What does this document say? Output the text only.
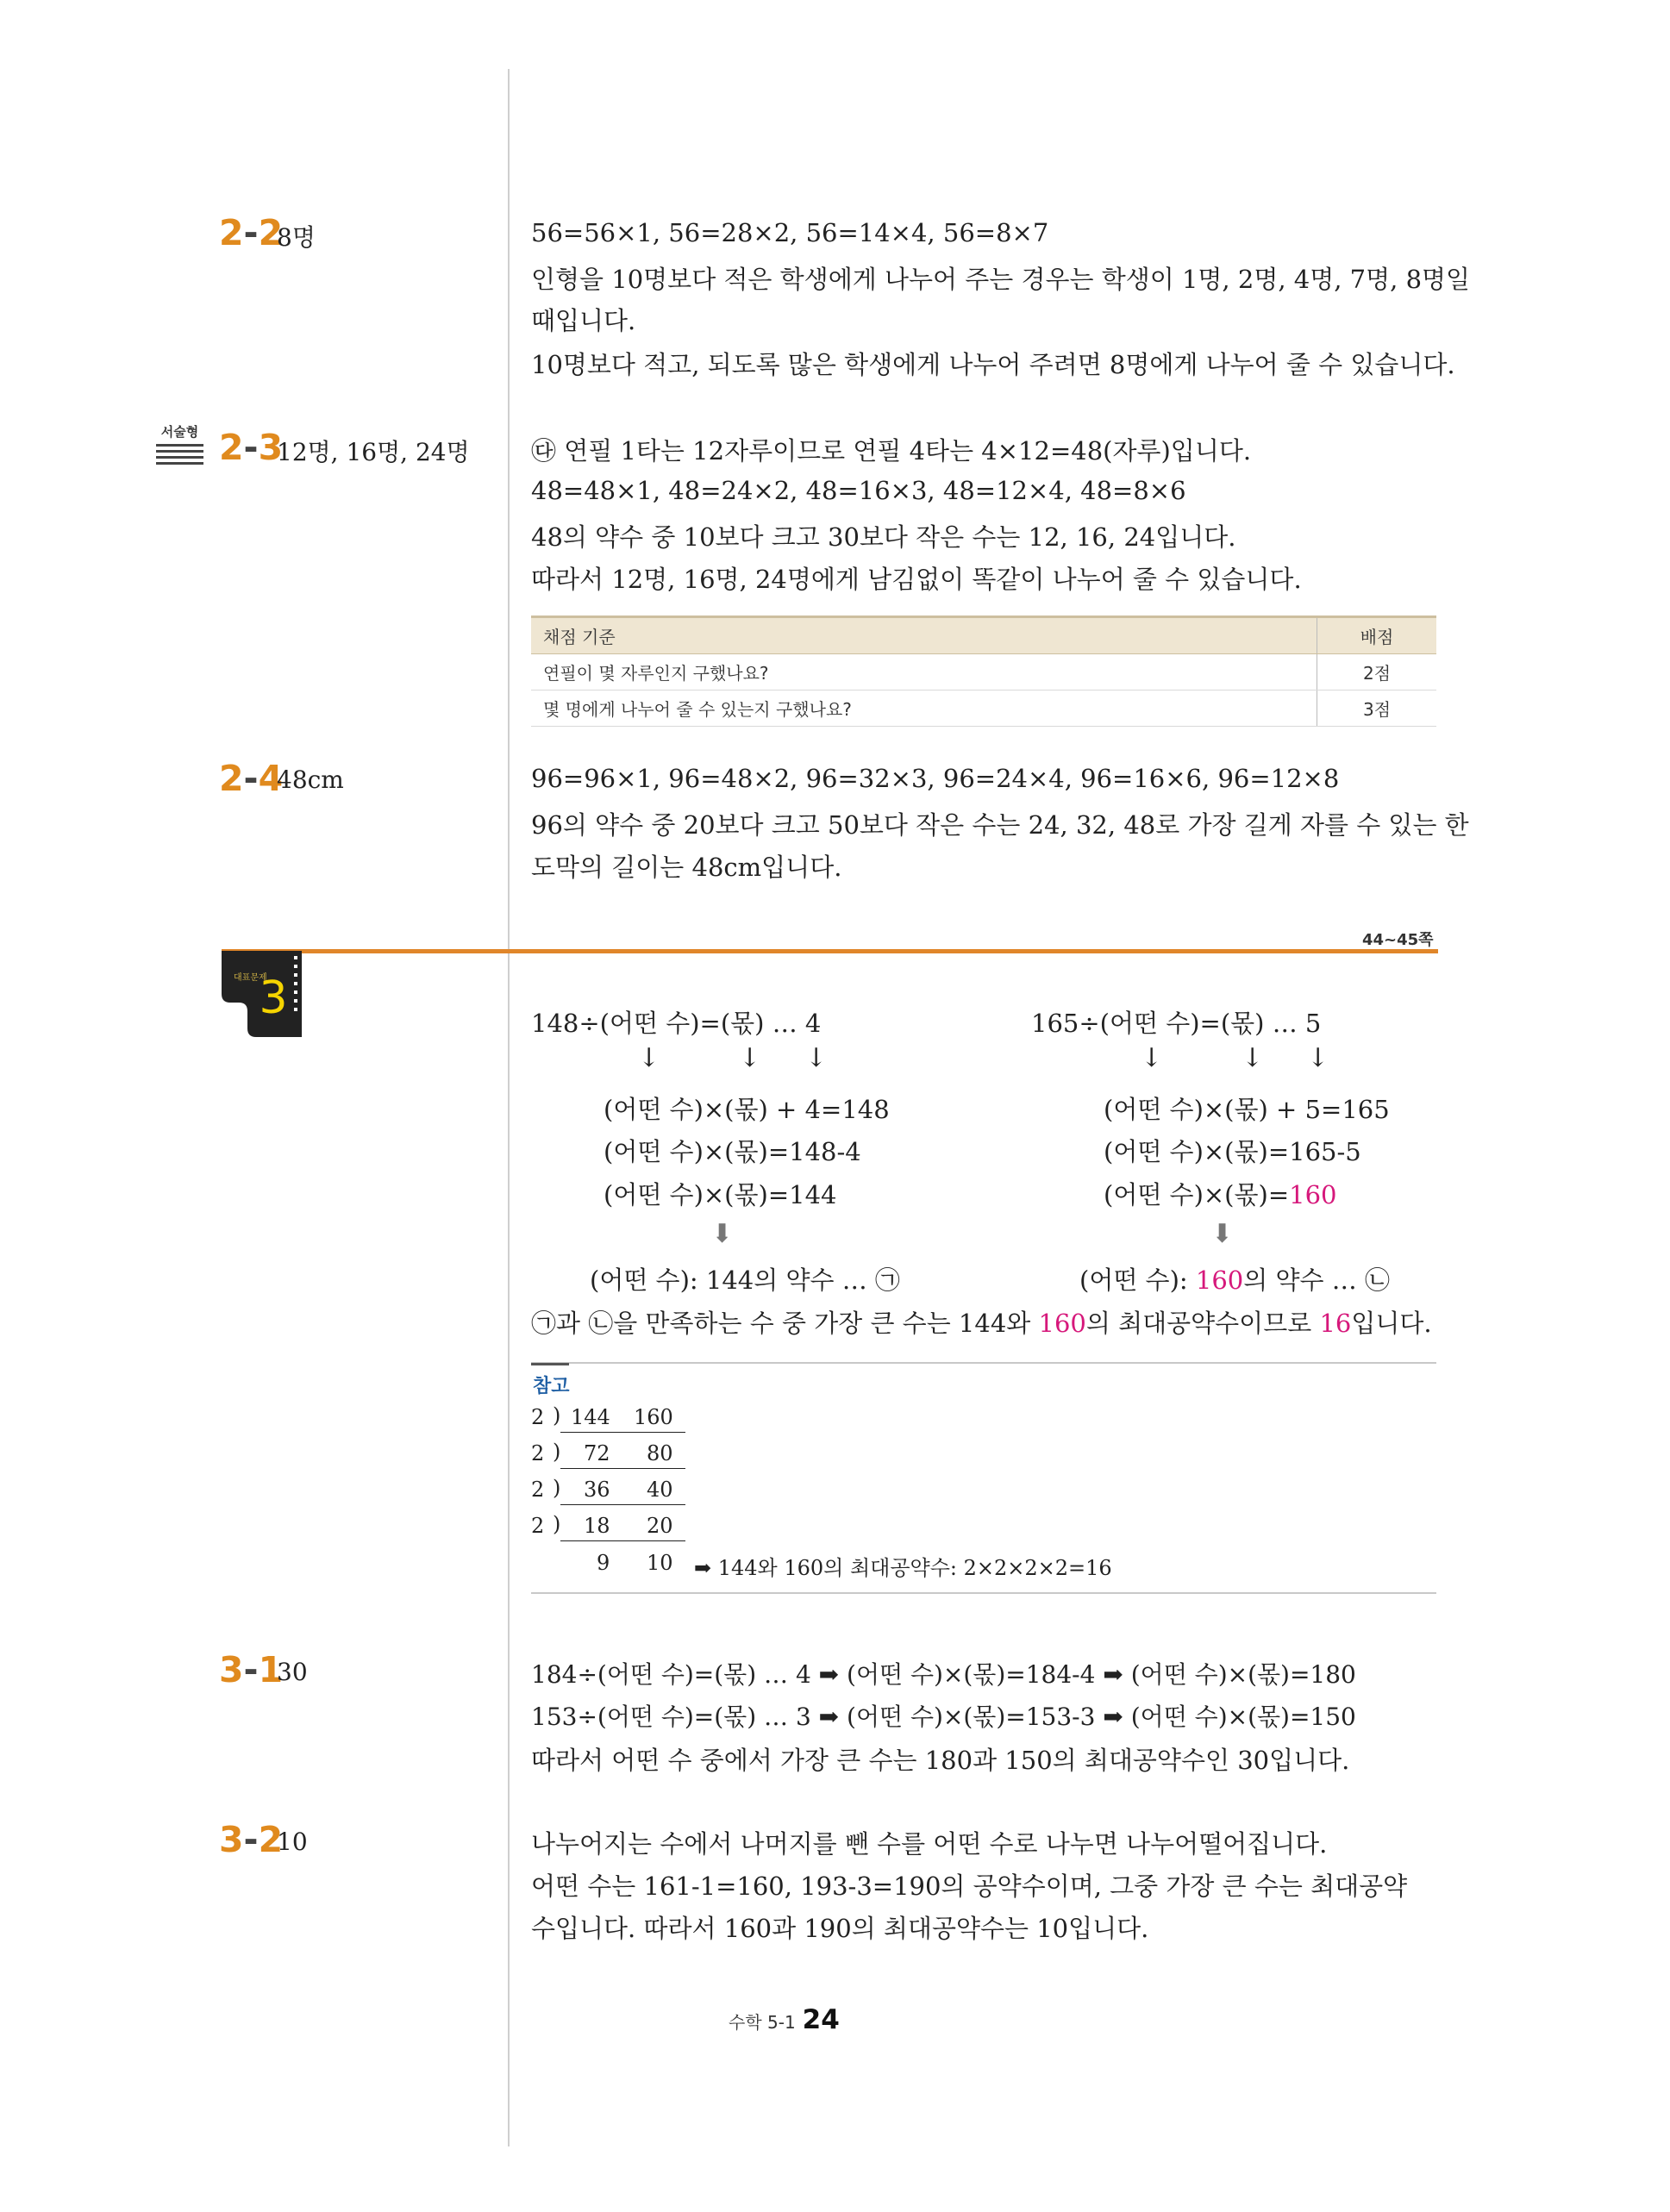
2-2
8명	56=56×1, 56=28×2, 56=14×4, 56=8×7
인형을 10명보다 적은 학생에게 나누어 주는 경우는 학생이 1명, 2명, 4명, 7명, 8명일
때입니다.
10명보다 적고, 되도록 많은 학생에게 나누어 주려면 8명에게 나누어 줄 수 있습니다.
서술형 2-3
12명, 16명, 24명 ㉰ 연필 1타는 12자루이므로 연필 4타는 4×12=48(자루)입니다.
48=48×1, 48=24×2, 48=16×3, 48=12×4, 48=8×6
48의 약수 중 10보다 크고 30보다 작은 수는 12, 16, 24입니다.
따라서 12명, 16명, 24명에게 남김없이 똑같이 나누어 줄 수 있습니다.
채점 기준	배점
연필이 몇 자루인지 구했나요?	2점
몇 명에게 나누어 줄 수 있는지 구했나요?	3점
2-4
48cm	96=96×1, 96=48×2, 96=32×3, 96=24×4, 96=16×6, 96=12×8
96의 약수 중 20보다 크고 50보다 작은 수는 24, 32, 48로 가장 길게 자를 수 있는 한
도막의 길이는 48cm입니다.
44~45쪽
대표문제
3	148÷(어떤 수)=(몫) … 4
↓	↓ ↓
(어떤 수)×(몫) + 4=148
(어떤 수)×(몫)=148-4
(어떤 수)×(몫)=144
⬇
(어떤 수): 144의 약수 … ㉠
165÷(어떤 수)=(몫) … 5
↓	↓ ↓
(어떤 수)×(몫) + 5=165
(어떤 수)×(몫)=165-5
(어떤 수)×(몫)=160
⬇
(어떤 수): 160의 약수 … ㉡
㉠과 ㉡을 만족하는 수 중 가장 큰 수는 144와 160의 최대공약수이므로 16입니다.
참고
2 ) 144 160
2 ) 72 80
2 ) 36 40
2 ) 18 20
9 10 ➡ 144와 160의 최대공약수: 2×2×2×2=16
3-1
30	184÷(어떤 수)=(몫) … 4 ➡ (어떤 수)×(몫)=184-4 ➡ (어떤 수)×(몫)=180
153÷(어떤 수)=(몫) … 3 ➡ (어떤 수)×(몫)=153-3 ➡ (어떤 수)×(몫)=150
따라서 어떤 수 중에서 가장 큰 수는 180과 150의 최대공약수인 30입니다.
3-2
10	나누어지는 수에서 나머지를 뺀 수를 어떤 수로 나누면 나누어떨어집니다.
어떤 수는 161-1=160, 193-3=190의 공약수이며, 그중 가장 큰 수는 최대공약
수입니다. 따라서 160과 190의 최대공약수는 10입니다.
수학 5-1 24
